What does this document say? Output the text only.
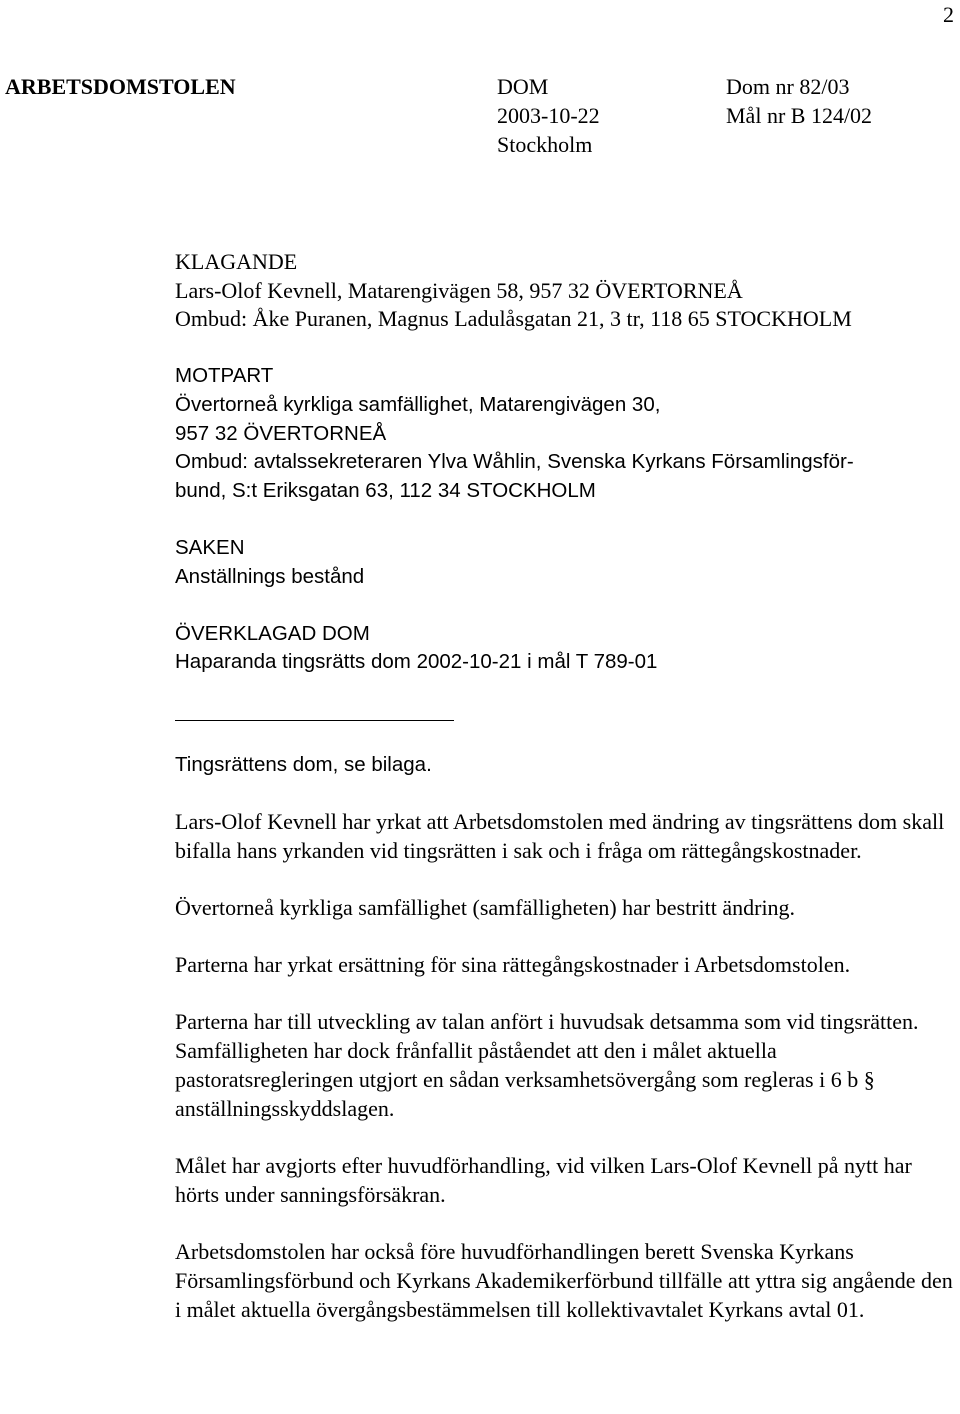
2
ARBETSDOMSTOLEN	DOM
2003-10-22
Stockholm
Dom nr 82/03
Mål nr B 124/02
KLAGANDE
Lars-Olof Kevnell, Matarengivägen 58, 957 32 ÖVERTORNEÅ
Ombud: Åke Puranen, Magnus Ladulåsgatan 21, 3 tr, 118 65 STOCKHOLM
MOTPART
Övertorneå kyrkliga samfällighet, Matarengivägen 30,
957 32 ÖVERTORNEÅ
Ombud: avtalssekreteraren Ylva Wåhlin, Svenska Kyrkans Församlingsför-
bund, S:t Eriksgatan 63, 112 34 STOCKHOLM
SAKEN
Anställnings bestånd
ÖVERKLAGAD DOM
Haparanda tingsrätts dom 2002-10-21 i mål T 789-01

Tingsrättens dom, se bilaga.

Lars-Olof Kevnell har yrkat att Arbetsdomstolen med ändring av tingsrättens dom skall bifalla hans yrkanden vid tingsrätten i sak och i fråga om rättegångskostnader.

Övertorneå kyrkliga samfällighet (samfälligheten) har bestritt ändring.

Parterna har yrkat ersättning för sina rättegångskostnader i Arbetsdomstolen.

Parterna har till utveckling av talan anfört i huvudsak detsamma som vid tingsrätten. Samfälligheten har dock frånfallit påståendet att den i målet aktuella pastoratsregleringen utgjort en sådan verksamhetsövergång som regleras i 6 b § anställningsskyddslagen.

Målet har avgjorts efter huvudförhandling, vid vilken Lars-Olof Kevnell på nytt har hörts under sanningsförsäkran.

Arbetsdomstolen har också före huvudförhandlingen berett Svenska Kyrkans Församlingsförbund och Kyrkans Akademikerförbund tillfälle att yttra sig angående den i målet aktuella övergångsbestämmelsen till kollektivavtalet Kyrkans avtal 01.
